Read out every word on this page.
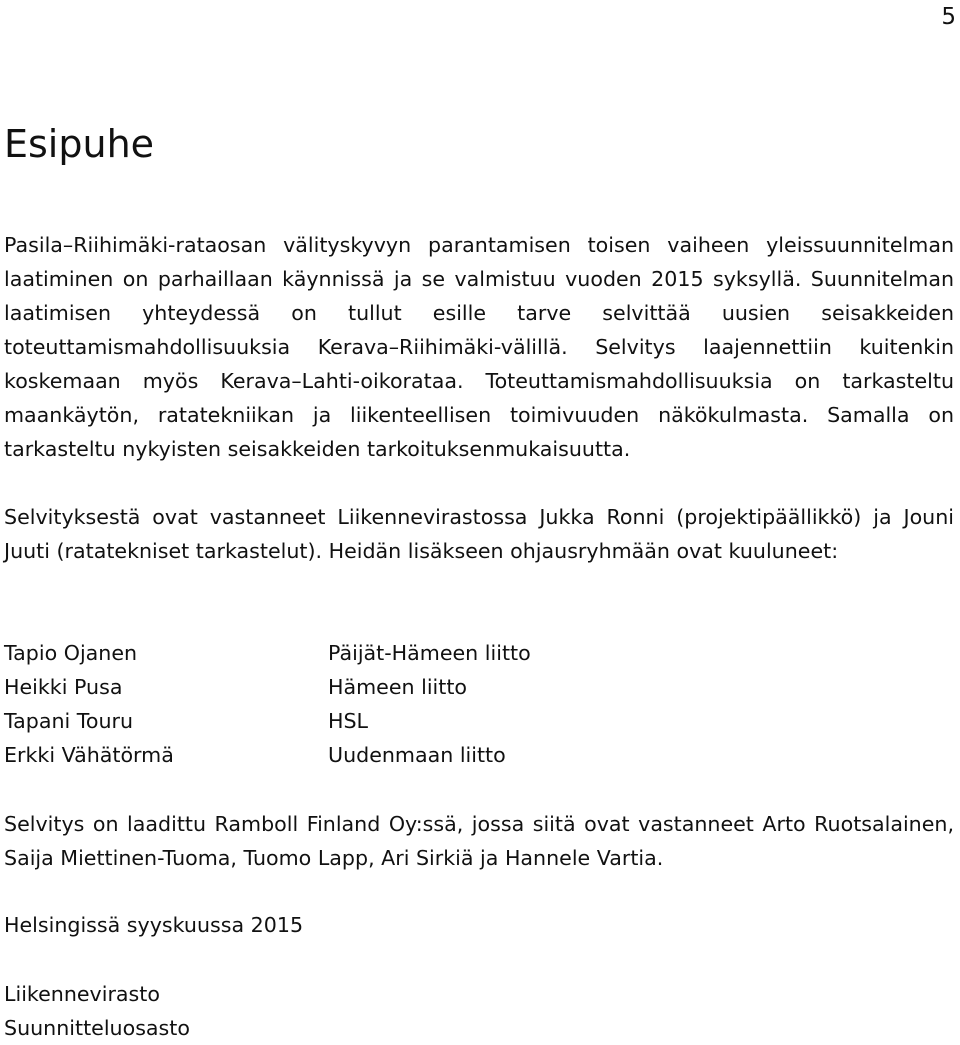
5
Esipuhe

Pasila–Riihimäki-rataosan välityskyvyn parantamisen toisen vaiheen yleissuunnitelman laatiminen on parhaillaan käynnissä ja se valmistuu vuoden 2015 syksyllä. Suunnitelman laatimisen yhteydessä on tullut esille tarve selvittää uusien seisakkeiden toteuttamismahdollisuuksia Kerava–Riihimäki-välillä. Selvitys laajennettiin kuitenkin koskemaan myös Kerava–Lahti-oikorataa. Toteuttamismahdollisuuksia on tarkasteltu maankäytön, ratatekniikan ja liikenteellisen toimivuuden näkökulmasta. Samalla on tarkasteltu nykyisten seisakkeiden tarkoituksenmukaisuutta.

Selvityksestä ovat vastanneet Liikennevirastossa Jukka Ronni (projektipäällikkö) ja Jouni Juuti (ratatekniset tarkastelut). Heidän lisäkseen ohjausryhmään ovat kuuluneet:

Tapio Ojanen	Päijät-Hämeen liitto
Heikki Pusa	Hämeen liitto
Tapani Touru	HSL
Erkki Vähätörmä	Uudenmaan liitto

Selvitys on laadittu Ramboll Finland Oy:ssä, jossa siitä ovat vastanneet Arto Ruotsalainen, Saija Miettinen-Tuoma, Tuomo Lapp, Ari Sirkiä ja Hannele Vartia.

Helsingissä syyskuussa 2015

Liikennevirasto
Suunnitteluosasto
